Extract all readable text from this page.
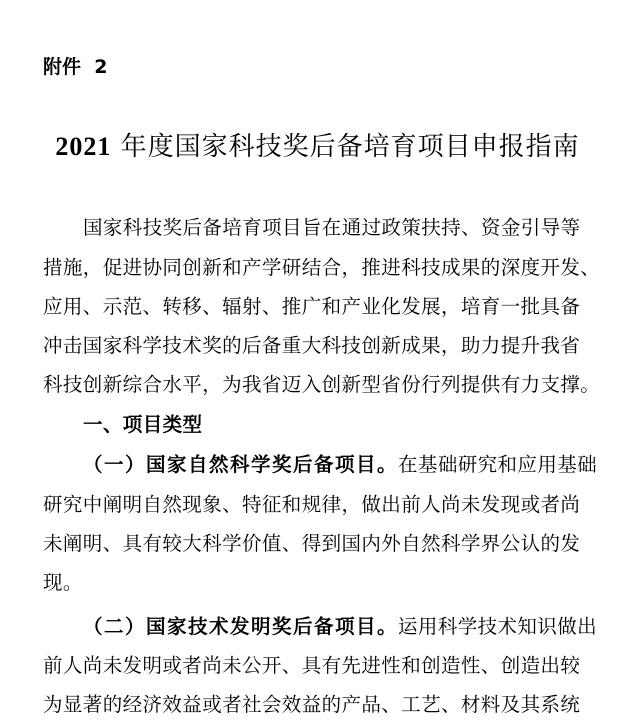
附件  2
2021 年度国家科技奖后备培育项目申报指南
国家科技奖后备培育项目旨在通过政策扶持、资金引导等
措施，促进协同创新和产学研结合，推进科技成果的深度开发、
应用、示范、转移、辐射、推广和产业化发展，培育一批具备
冲击国家科学技术奖的后备重大科技创新成果，助力提升我省
科技创新综合水平，为我省迈入创新型省份行列提供有力支撑。
一、项目类型
（一）国家自然科学奖后备项目。在基础研究和应用基础
研究中阐明自然现象、特征和规律，做出前人尚未发现或者尚
未阐明、具有较大科学价值、得到国内外自然科学界公认的发
现。
（二）国家技术发明奖后备项目。运用科学技术知识做出
前人尚未发明或者尚未公开、具有先进性和创造性、创造出较
为显著的经济效益或者社会效益的产品、工艺、材料及其系统
